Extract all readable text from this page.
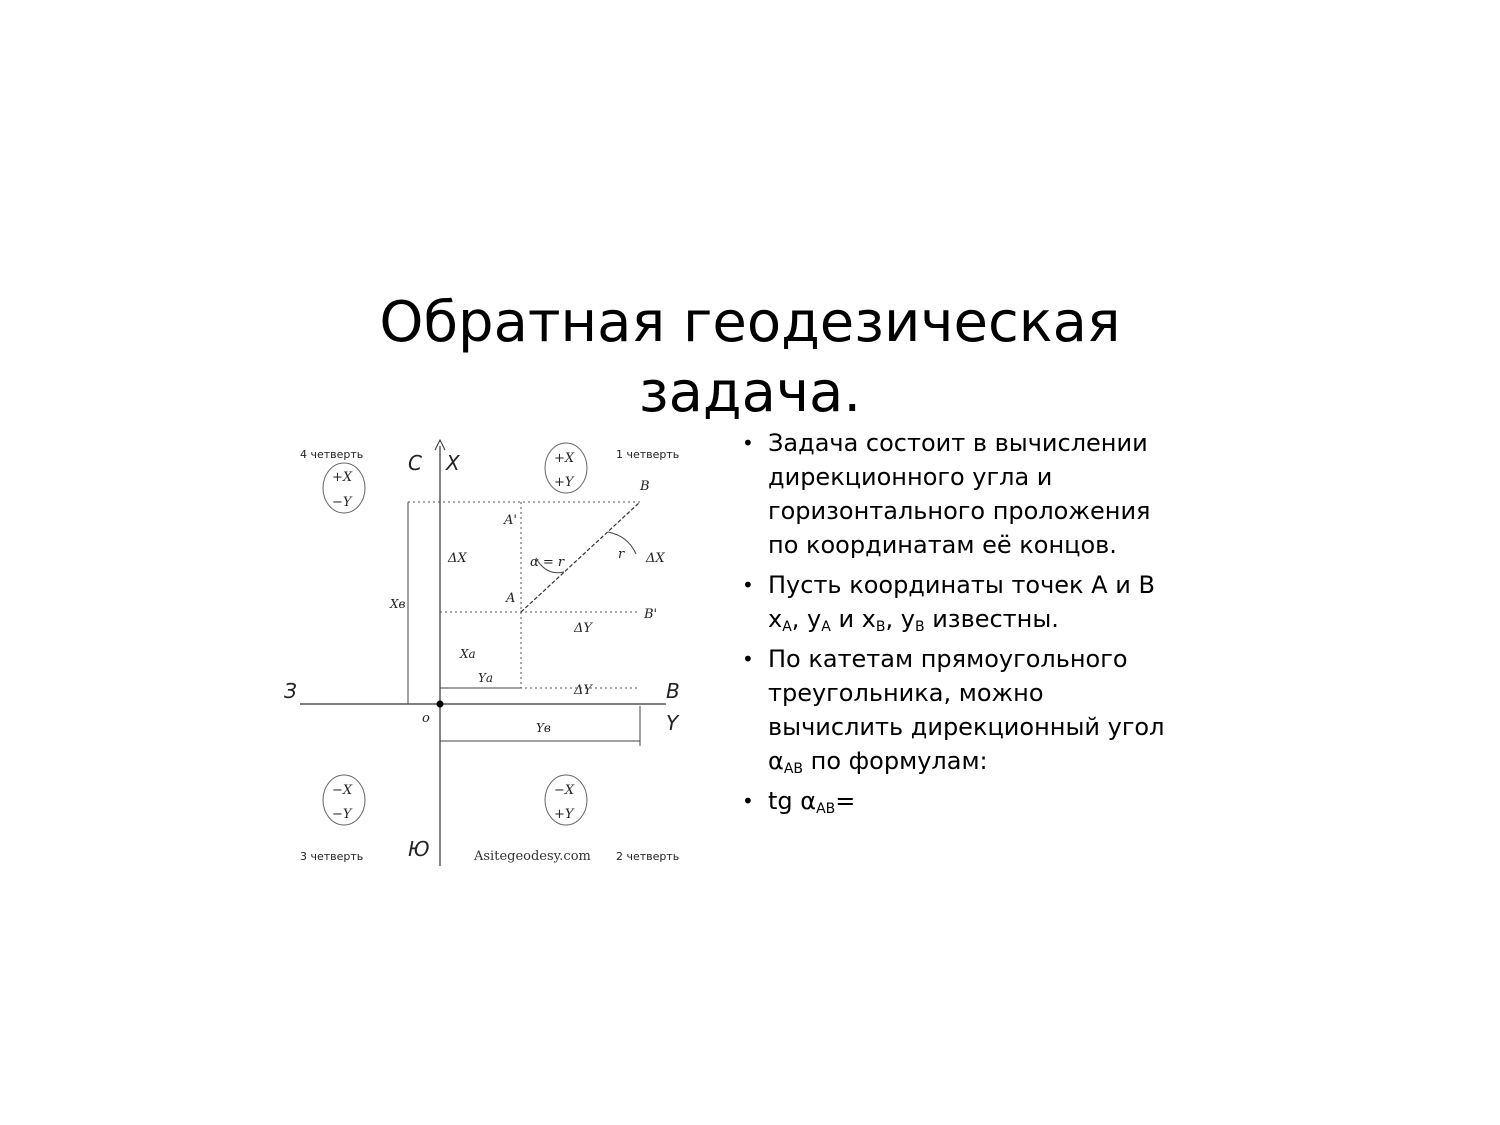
Обратная геодезическая
задача.
+X
−Y
+X
+Y
−X
−Y
−X
+Y
4 четверть	1 четверть
3 четверть	2 четверть
С X
З	В
Y
Ю
o
B
A'
A
B'
ΔX	ΔX
ΔY
ΔY
α = r
r
Xв
Xа
Yа
Yв
Asitegeodesy.com
• Задача состоит в вычислении дирекционного угла и горизонтального проложения по координатам её концов.
• Пусть координаты точек А и В $x_A$, $y_A$ и $x_B$, $y_B$ известны.
• По катетам прямоугольного треугольника, можно вычислить дирекционный угол $\alpha_{AB}$ по формулам:
• tg $\alpha_{AB}=$
